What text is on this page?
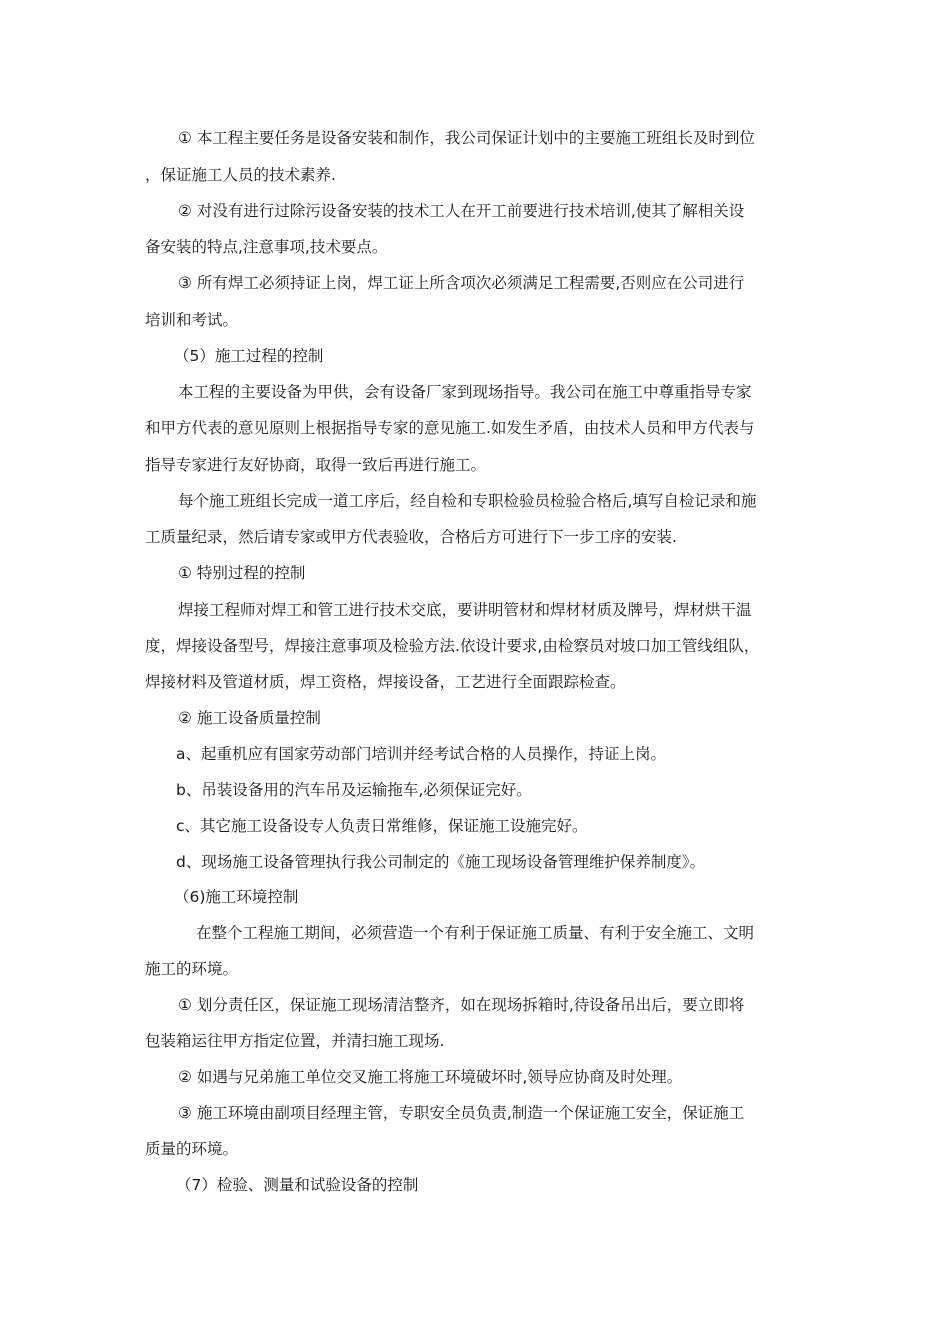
① 本工程主要任务是设备安装和制作，我公司保证计划中的主要施工班组长及时到位
，保证施工人员的技术素养.
② 对没有进行过除污设备安装的技术工人在开工前要进行技术培训,使其了解相关设
备安装的特点,注意事项,技术要点。
③ 所有焊工必须持证上岗，焊工证上所含项次必须满足工程需要,否则应在公司进行
培训和考试。
（5）施工过程的控制
本工程的主要设备为甲供，会有设备厂家到现场指导。我公司在施工中尊重指导专家
和甲方代表的意见原则上根据指导专家的意见施工.如发生矛盾，由技术人员和甲方代表与
指导专家进行友好协商，取得一致后再进行施工。
每个施工班组长完成一道工序后，经自检和专职检验员检验合格后,填写自检记录和施
工质量纪录，然后请专家或甲方代表验收，合格后方可进行下一步工序的安装.
① 特别过程的控制
焊接工程师对焊工和管工进行技术交底，要讲明管材和焊材材质及牌号，焊材烘干温
度，焊接设备型号，焊接注意事项及检验方法.依设计要求,由检察员对坡口加工管线组队，
焊接材料及管道材质，焊工资格，焊接设备，工艺进行全面跟踪检查。
② 施工设备质量控制
a、起重机应有国家劳动部门培训并经考试合格的人员操作，持证上岗。
b、吊装设备用的汽车吊及运输拖车,必须保证完好。
c、其它施工设备设专人负责日常维修，保证施工设施完好。
d、现场施工设备管理执行我公司制定的《施工现场设备管理维护保养制度》。
（6)施工环境控制
在整个工程施工期间，必须营造一个有利于保证施工质量、有利于安全施工、文明
施工的环境。
① 划分责任区，保证施工现场清洁整齐，如在现场拆箱时,待设备吊出后，要立即将
包装箱运往甲方指定位置，并清扫施工现场.
② 如遇与兄弟施工单位交叉施工将施工环境破坏时,领导应协商及时处理。
③ 施工环境由副项目经理主管，专职安全员负责,制造一个保证施工安全，保证施工
质量的环境。
（7）检验、测量和试验设备的控制
